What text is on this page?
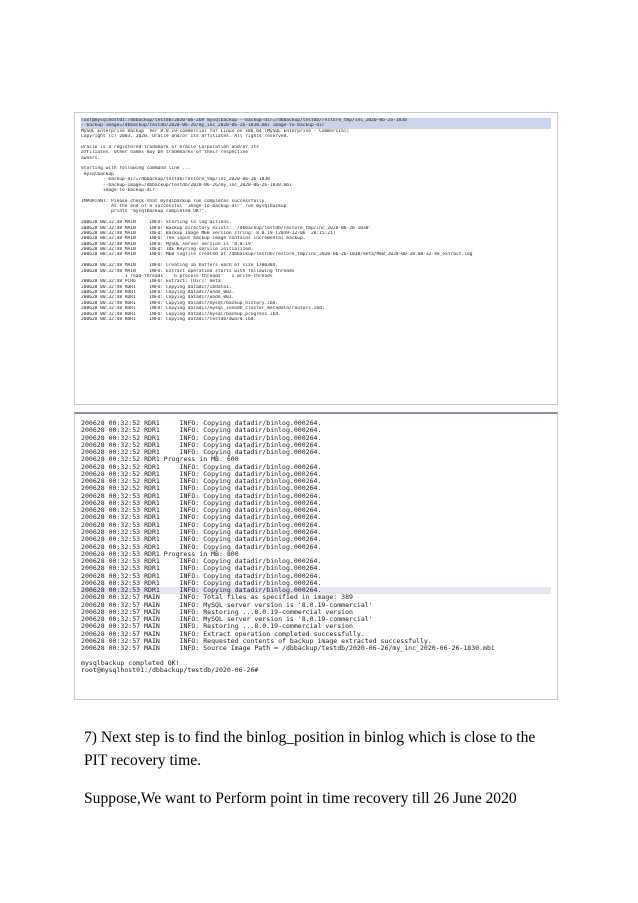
root@mysqlhost01:/dbbackup/testdb/2020-06-26# mysqlbackup --backup-dir=/dbbackup/testdb/restore_tmp/inc_2020-06-26-1830
--backup-image=/dbbackup/testdb/2020-06-26/my_inc_2020-06-26-1830.mbi image-to-backup-dir
MySQL Enterprise Backup  Ver 8.0.19-commercial for Linux on x86_64 (MySQL Enterprise - Commercial)
Copyright (c) 2003, 2020, Oracle and/or its affiliates. All rights reserved.
Oracle is a registered trademark of Oracle Corporation and/or its
affiliates. Other names may be trademarks of their respective
owners.
Starting with following command line ...
mysqlbackup
--backup-dir=/dbbackup/testdb/restore_tmp/inc_2020-06-26-1830
--backup-image=/dbbackup/testdb/2020-06-26/my_inc_2020-06-26-1830.mbi
image-to-backup-dir
IMPORTANT: Please check that mysqlbackup run completes successfully.
At the end of a successful 'image-to-backup-dir' run mysqlbackup
prints "mysqlbackup completed OK!".
200628 00:32:48 MAIN     INFO: Starting to log actions.
200628 00:32:48 MAIN     INFO: Backup directory exists: '/dbbackup/testdb/restore_tmp/inc_2020-06-26-1830'
200628 00:32:48 MAIN     INFO: Backup Image MEB version string: 8.0.19 [2019-12-06  20:15:21]
200628 00:32:48 MAIN     INFO: The input backup image contains incremental backup.
200628 00:32:48 MAIN     INFO: MySQL server version is '8.0.19'
200628 00:32:48 MAIN     INFO: TDE Keyring service initialized.
200628 00:32:48 MAIN     INFO: MEB logfile created at /dbbackup/testdb/restore_tmp/inc_2020-06-26-1830/meta/MEB_2020-06-28.00-32-48_extract.log
200628 00:32:48 MAIN     INFO: Creating 16 buffers each of size 1780384.
200628 00:32:48 MAIN     INFO: Extract operation starts with following threads
1 read-threads    6 process-threads    1 write-threads
200628 00:32:48 PCR6     INFO: Extract: [Dir]: meta
200628 00:32:48 RDR1     INFO: Copying datadir/ibdata1.
200628 00:32:48 RDR1     INFO: Copying datadir/undo_002.
200628 00:32:48 RDR1     INFO: Copying datadir/undo_001.
200628 00:32:48 RDR1     INFO: Copying datadir/mysql/backup_history.ibd.
200628 00:32:48 RDR1     INFO: Copying datadir/mysql_innodb_cluster_metadata/routers.ibd.
200628 00:32:48 RDR1     INFO: Copying datadir/mysql/backup_progress.ibd.
200628 00:32:48 RDR1     INFO: Copying datadir/testdb/award.ibd.
200628 00:32:52 RDR1     INFO: Copying datadir/binlog.000264.
200628 00:32:52 RDR1     INFO: Copying datadir/binlog.000264.
200628 00:32:52 RDR1     INFO: Copying datadir/binlog.000264.
200628 00:32:52 RDR1     INFO: Copying datadir/binlog.000264.
200628 00:32:52 RDR1     INFO: Copying datadir/binlog.000264.
200628 00:32:52 RDR1 Progress in MB: 600
200628 00:32:52 RDR1     INFO: Copying datadir/binlog.000264.
200628 00:32:52 RDR1     INFO: Copying datadir/binlog.000264.
200628 00:32:52 RDR1     INFO: Copying datadir/binlog.000264.
200628 00:32:52 RDR1     INFO: Copying datadir/binlog.000264.
200628 00:32:53 RDR1     INFO: Copying datadir/binlog.000264.
200628 00:32:53 RDR1     INFO: Copying datadir/binlog.000264.
200628 00:32:53 RDR1     INFO: Copying datadir/binlog.000264.
200628 00:32:53 RDR1     INFO: Copying datadir/binlog.000264.
200628 00:32:53 RDR1     INFO: Copying datadir/binlog.000264.
200628 00:32:53 RDR1     INFO: Copying datadir/binlog.000264.
200628 00:32:53 RDR1     INFO: Copying datadir/binlog.000264.
200628 00:32:53 RDR1     INFO: Copying datadir/binlog.000264.
200628 00:32:53 RDR1 Progress in MB: 800
200628 00:32:53 RDR1     INFO: Copying datadir/binlog.000264.
200628 00:32:53 RDR1     INFO: Copying datadir/binlog.000264.
200628 00:32:53 RDR1     INFO: Copying datadir/binlog.000264.
200628 00:32:53 RDR1     INFO: Copying datadir/binlog.000264.
200628 00:32:53 RDR1     INFO: Copying datadir/binlog.000264.
200628 00:32:57 MAIN     INFO: Total files as specified in image: 389
200628 00:32:57 MAIN     INFO: MySQL server version is '8.0.19-commercial'
200628 00:32:57 MAIN     INFO: Restoring ...8.0.19-commercial version
200628 00:32:57 MAIN     INFO: MySQL server version is '8.0.19-commercial'
200628 00:32:57 MAIN     INFO: Restoring ...8.0.19-commercial version
200628 00:32:57 MAIN     INFO: Extract operation completed successfully.
200628 00:32:57 MAIN     INFO: Requested contents of backup image extracted successfully.
200628 00:32:57 MAIN     INFO: Source Image Path = /dbbackup/testdb/2020-06-26/my_inc_2020-06-26-1830.mbi
mysqlbackup completed OK!
root@mysqlhost01:/dbbackup/testdb/2020-06-26#

7) Next step is to find the binlog_position in binlog which is close to the PIT recovery time.

Suppose,We want to Perform point in time recovery till 26 June 2020
